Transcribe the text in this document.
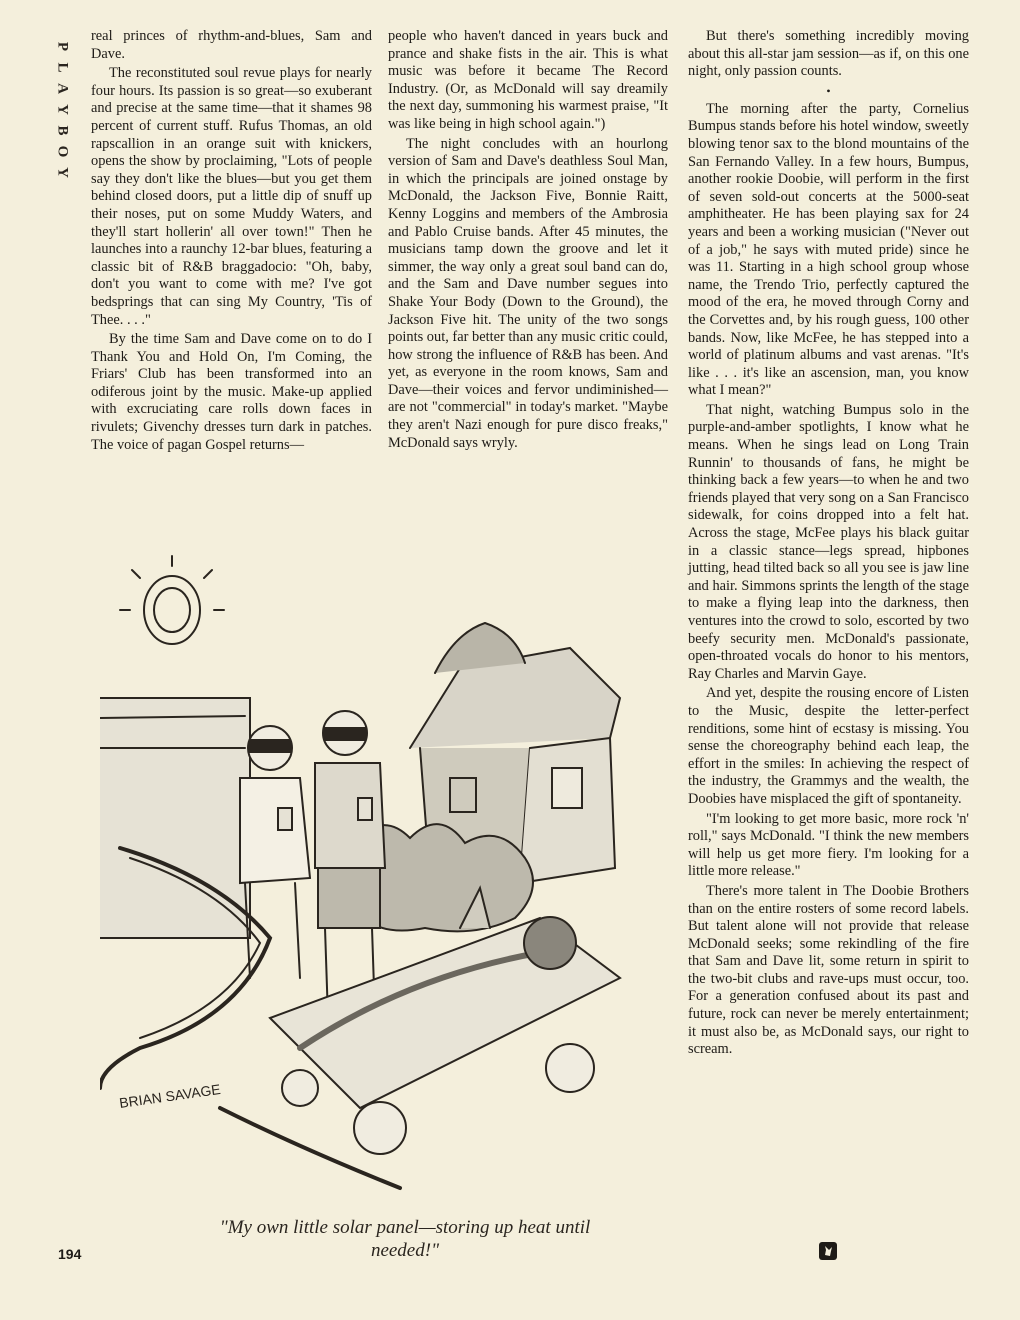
P
L
A
Y
B
O
Y

real princes of rhythm-and-blues, Sam and Dave.

The reconstituted soul revue plays for nearly four hours. Its passion is so great—so exuberant and precise at the same time—that it shames 98 percent of current stuff. Rufus Thomas, an old rapscallion in an orange suit with knickers, opens the show by proclaiming, "Lots of people say they don't like the blues—but you get them behind closed doors, put a little dip of snuff up their noses, put on some Muddy Waters, and they'll start hollerin' all over town!" Then he launches into a raunchy 12-bar blues, featuring a classic bit of R&B braggadocio: "Oh, baby, don't you want to come with me? I've got bedsprings that can sing My Country, 'Tis of Thee. . . ."

By the time Sam and Dave come on to do I Thank You and Hold On, I'm Coming, the Friars' Club has been transformed into an odiferous joint by the music. Make-up applied with excruciating care rolls down faces in rivulets; Givenchy dresses turn dark in patches. The voice of pagan Gospel returns—

people who haven't danced in years buck and prance and shake fists in the air. This is what music was before it became The Record Industry. (Or, as McDonald will say dreamily the next day, summoning his warmest praise, "It was like being in high school again.")

The night concludes with an hourlong version of Sam and Dave's deathless Soul Man, in which the principals are joined onstage by McDonald, the Jackson Five, Bonnie Raitt, Kenny Loggins and members of the Ambrosia and Pablo Cruise bands. After 45 minutes, the musicians tamp down the groove and let it simmer, the way only a great soul band can do, and the Sam and Dave number segues into Shake Your Body (Down to the Ground), the Jackson Five hit. The unity of the two songs points out, far better than any music critic could, how strong the influence of R&B has been. And yet, as everyone in the room knows, Sam and Dave—their voices and fervor undiminished—are not "commercial" in today's market. "Maybe they aren't Nazi enough for pure disco freaks," McDonald says wryly.

But there's something incredibly moving about this all-star jam session—as if, on this one night, only passion counts.

•

The morning after the party, Cornelius Bumpus stands before his hotel window, sweetly blowing tenor sax to the blond mountains of the San Fernando Valley. In a few hours, Bumpus, another rookie Doobie, will perform in the first of seven sold-out concerts at the 5000-seat amphitheater. He has been playing sax for 24 years and been a working musician ("Never out of a job," he says with muted pride) since he was 11. Starting in a high school group whose name, the Trendo Trio, perfectly captured the mood of the era, he moved through Corny and the Corvettes and, by his rough guess, 100 other bands. Now, like McFee, he has stepped into a world of platinum albums and vast arenas. "It's like . . . it's like an ascension, man, you know what I mean?"

That night, watching Bumpus solo in the purple-and-amber spotlights, I know what he means. When he sings lead on Long Train Runnin' to thousands of fans, he might be thinking back a few years—to when he and two friends played that very song on a San Francisco sidewalk, for coins dropped into a felt hat. Across the stage, McFee plays his black guitar in a classic stance—legs spread, hipbones jutting, head tilted back so all you see is jaw line and hair. Simmons sprints the length of the stage to make a flying leap into the darkness, then ventures into the crowd to solo, escorted by two beefy security men. McDonald's passionate, open-throated vocals do honor to his mentors, Ray Charles and Marvin Gaye.

And yet, despite the rousing encore of Listen to the Music, despite the letter-perfect renditions, some hint of ecstasy is missing. You sense the choreography behind each leap, the effort in the smiles: In achieving the respect of the industry, the Grammys and the wealth, the Doobies have misplaced the gift of spontaneity.

"I'm looking to get more basic, more rock 'n' roll," says McDonald. "I think the new members will help us get more fiery. I'm looking for a little more release."

There's more talent in The Doobie Brothers than on the entire rosters of some record labels. But talent alone will not provide that release McDonald seeks; some rekindling of the fire that Sam and Dave lit, some return in spirit to the two-bit clubs and rave-ups must occur, too. For a generation confused about its past and future, rock can never be merely entertainment; it must also be, as McDonald says, our right to scream.

BRIAN SAVAGE
"My own little solar panel—storing up heat until needed!"
194
